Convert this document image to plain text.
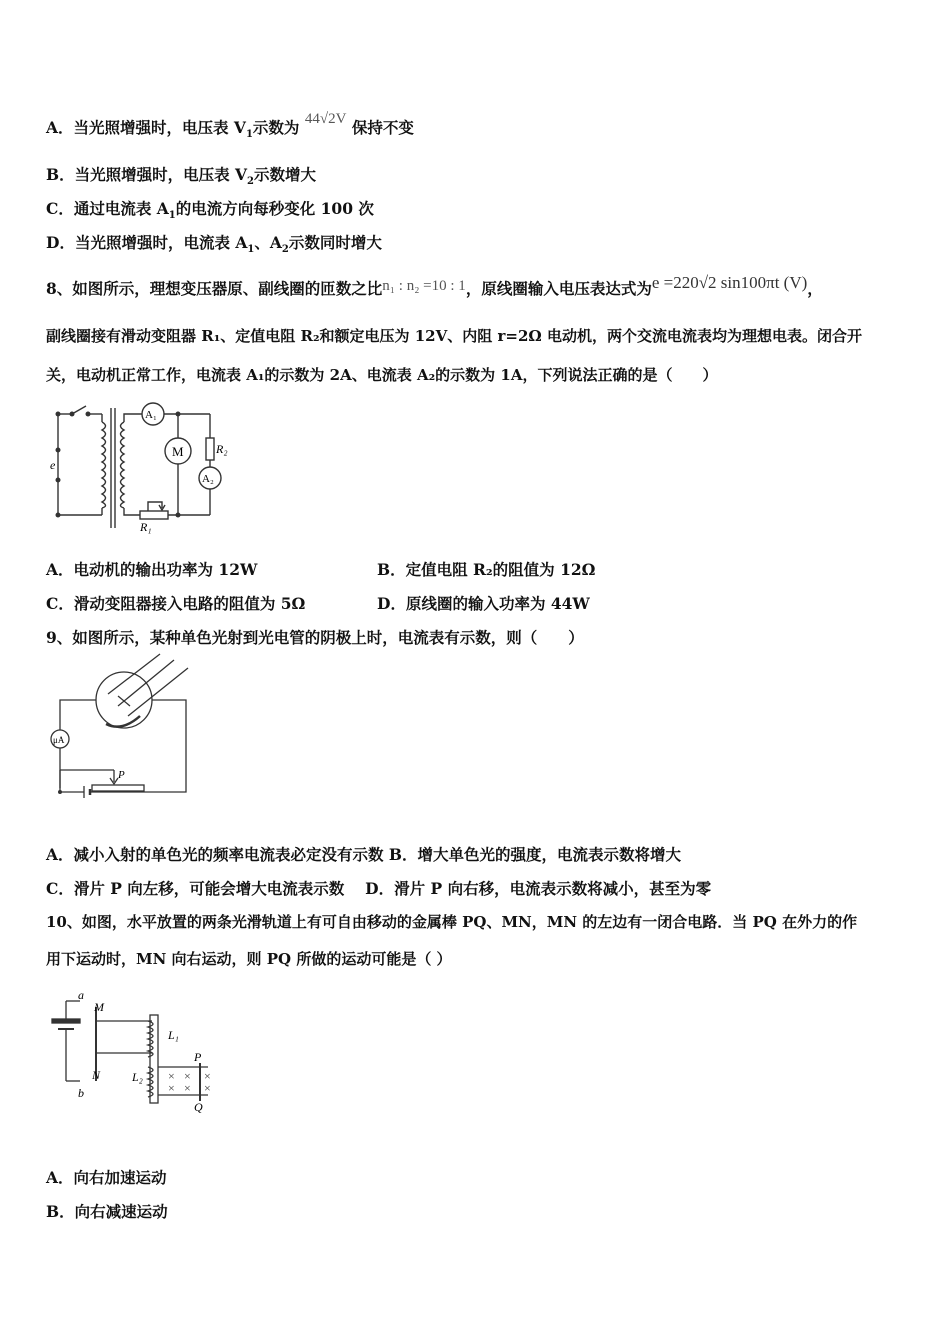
A．当光照增强时，电压表 $V_1$示数为 44√2V 保持不变
B．当光照增强时，电压表 $V_2$示数增大
C．通过电流表 $A_1$的电流方向每秒变化 100 次
D．当光照增强时，电流表 $A_1$、$A_2$示数同时增大
8、如图所示，理想变压器原、副线圈的匝数之比n₁ : n₂ =10 : 1，原线圈输入电压表达式为e =220√2 sin100πt (V)，
副线圈接有滑动变阻器 R₁、定值电阻 R₂和额定电压为 12V、内阻 r=2Ω 电动机，两个交流电流表均为理想电表。闭合开
关，电动机正常工作，电流表 A₁的示数为 2A、电流表 A₂的示数为 1A，下列说法正确的是（　　）
e
A₁
M	R₂
A₂
R₁
A．电动机的输出功率为 12W	B．定值电阻 R₂的阻值为 12Ω
C．滑动变阻器接入电路的阻值为 5Ω	D．原线圈的输入功率为 44W
9、如图所示，某种单色光射到光电管的阴极上时，电流表有示数，则（　　）
μA
P
A．减小入射的单色光的频率电流表必定没有示数 B．增大单色光的强度，电流表示数将增大
C．滑片 P 向左移，可能会增大电流表示数　 D．滑片 P 向右移，电流表示数将减小，甚至为零
10、如图，水平放置的两条光滑轨道上有可自由移动的金属棒 PQ、MN，MN 的左边有一闭合电路．当 PQ 在外力的作
用下运动时，MN 向右运动，则 PQ 所做的运动可能是（ ）
a
b
M
N
L₁
L₂
P
Q
× × ×
× × ×
A．向右加速运动
B．向右减速运动
